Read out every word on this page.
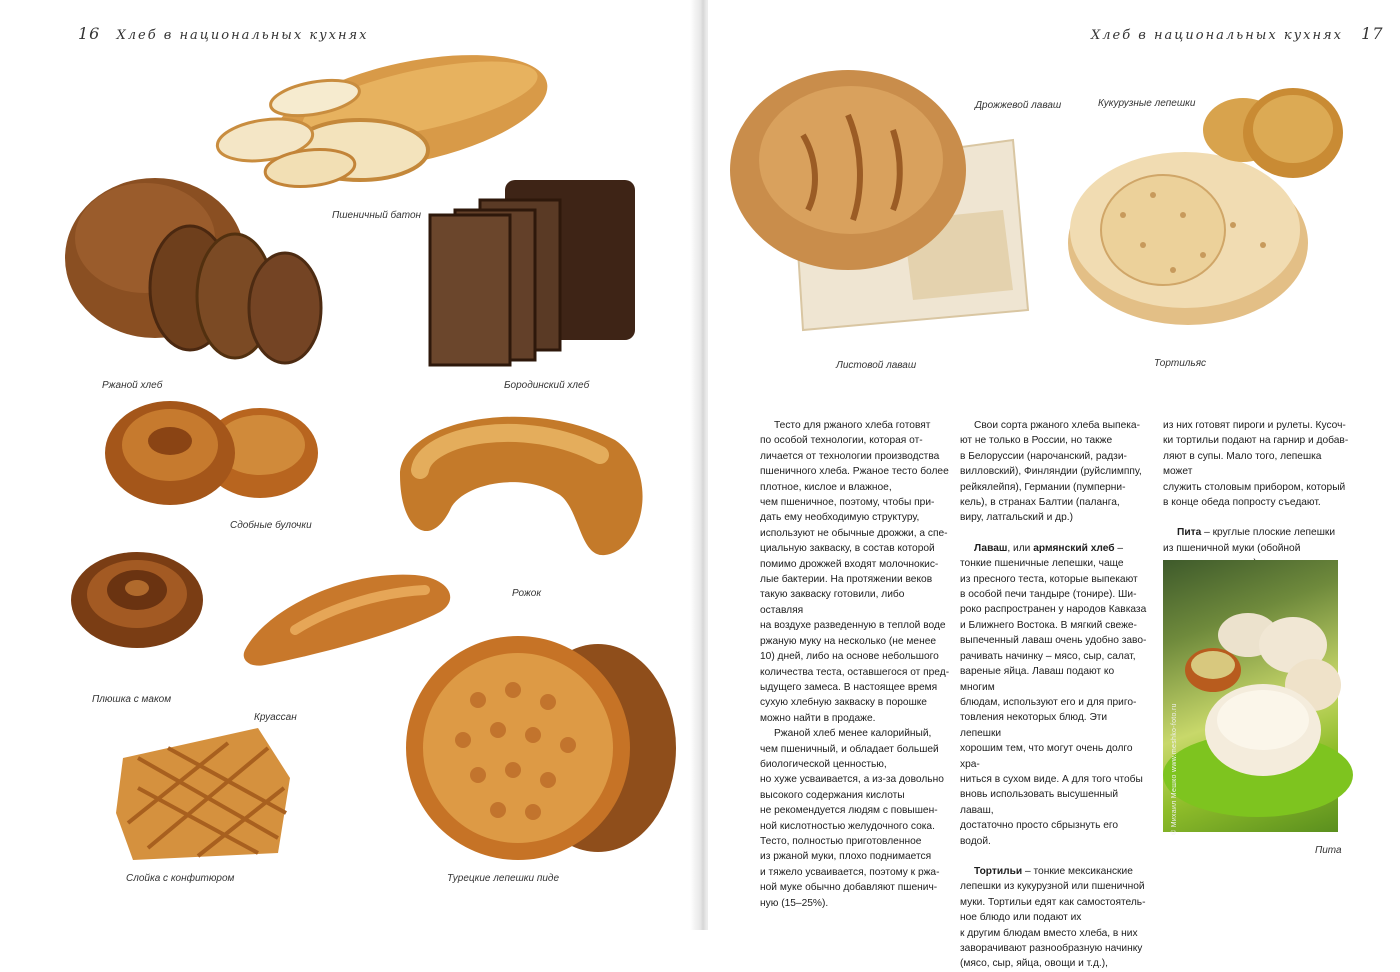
16 Хлеб в национальных кухнях
Пшеничный батон
Ржаной хлеб	Бородинский хлеб
Сдобные булочки
Рожок
Плюшка с маком
Круассан
Слойка с конфитюром	Турецкие лепешки пиде
Хлеб в национальных кухнях 17
Дрожжевой лаваш
Листовой лаваш
Кукурузные лепешки
Тортильяс
Тесто для ржаного хлеба готовят
по особой технологии, которая от-
личается от технологии производства
пшеничного хлеба. Ржаное тесто более
плотное, кислое и влажное,
чем пшеничное, поэтому, чтобы при-
дать ему необходимую структуру,
используют не обычные дрожжи, а спе-
циальную закваску, в состав которой
помимо дрожжей входят молочнокис-
лые бактерии. На протяжении веков
такую закваску готовили, либо оставляя
на воздухе разведенную в теплой воде
ржаную муку на несколько (не менее
10) дней, либо на основе небольшого
количества теста, оставшегося от пред-
ыдущего замеса. В настоящее время
сухую хлебную закваску в порошке
можно найти в продаже.
Ржаной хлеб менее калорийный,
чем пшеничный, и обладает большей
биологической ценностью,
но хуже усваивается, а из-за довольно
высокого содержания кислоты
не рекомендуется людям с повышен-
ной кислотностью желудочного сока.
Тесто, полностью приготовленное
из ржаной муки, плохо поднимается
и тяжело усваивается, поэтому к ржа-
ной муке обычно добавляют пшенич-
ную (15–25%).
Свои сорта ржаного хлеба выпека-
ют не только в России, но также
в Белоруссии (нарочанский, радзи-
вилловский), Финляндии (руйслимппу,
рейкялейпя), Германии (пумперни-
кель), в странах Балтии (паланга,
виру, латгальский и др.)
Лаваш, или армянский хлеб –
тонкие пшеничные лепешки, чаще
из пресного теста, которые выпекают
в особой печи тандыре (тонире). Ши-
роко распространен у народов Кавказа
и Ближнего Востока. В мягкий свеже-
выпеченный лаваш очень удобно заво-
рачивать начинку – мясо, сыр, салат,
вареные яйца. Лаваш подают ко многим
блюдам, используют его и для приго-
товления некоторых блюд. Эти лепешки
хорошим тем, что могут очень долго хра-
ниться в сухом виде. А для того чтобы
вновь использовать высушенный лаваш,
достаточно просто сбрызнуть его водой.
Тортильи – тонкие мексиканские
лепешки из кукурузной или пшеничной
муки. Тортильи едят как самостоятель-
ное блюдо или подают их
к другим блюдам вместо хлеба, в них
заворачивают разнообразную начинку
(мясо, сыр, яйца, овощи и т.д.),
из них готовят пироги и рулеты. Кусоч-
ки тортильи подают на гарнир и добав-
ляют в супы. Мало того, лепешка может
служить столовым прибором, который
в конце обеда попросту съедают.
Пита – круглые плоские лепешки
из пшеничной муки (обойной
© Михаил Мешко www.meshko-foto.ru
Пита
